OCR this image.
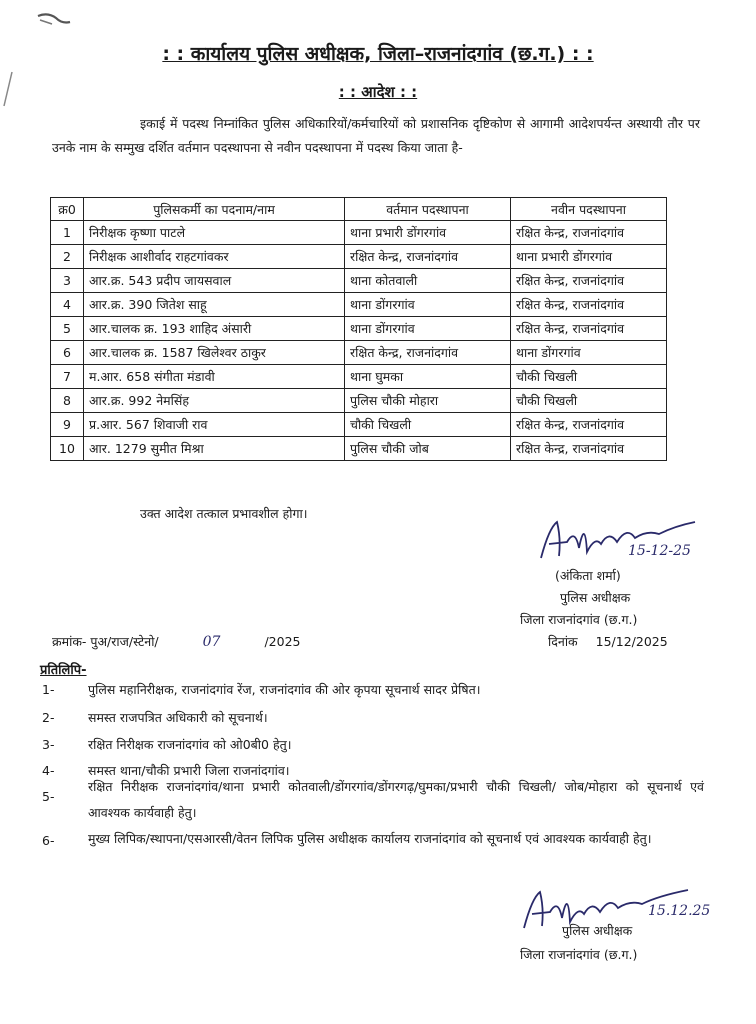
: : कार्यालय पुलिस अधीक्षक, जिला–राजनांदगांव (छ.ग.) : :
: : आदेश : :
इकाई में पदस्थ निम्नांकित पुलिस अधिकारियों/कर्मचारियों को प्रशासनिक दृष्टिकोण से आगामी आदेशपर्यन्त अस्थायी तौर पर उनके नाम के सम्मुख दर्शित वर्तमान पदस्थापना से नवीन पदस्थापना में पदस्थ किया जाता है-
क्र0	पुलिसकर्मी का पदनाम/नाम	वर्तमान पदस्थापना	नवीन पदस्थापना
1	निरीक्षक कृष्णा पाटले	थाना प्रभारी डोंगरगांव	रक्षित केन्द्र, राजनांदगांव
2	निरीक्षक आशीर्वाद राहटगांवकर	रक्षित केन्द्र, राजनांदगांव	थाना प्रभारी डोंगरगांव
3	आर.क्र. 543 प्रदीप जायसवाल	थाना कोतवाली	रक्षित केन्द्र, राजनांदगांव
4	आर.क्र. 390 जितेश साहू	थाना डोंगरगांव	रक्षित केन्द्र, राजनांदगांव
5	आर.चालक क्र. 193 शाहिद अंसारी	थाना डोंगरगांव	रक्षित केन्द्र, राजनांदगांव
6	आर.चालक क्र. 1587 खिलेश्वर ठाकुर	रक्षित केन्द्र, राजनांदगांव	थाना डोंगरगांव
7	म.आर. 658 संगीता मंडावी	थाना घुमका	चौकी चिखली
8	आर.क्र. 992 नेमसिंह	पुलिस चौकी मोहारा	चौकी चिखली
9	प्र.आर. 567 शिवाजी राव	चौकी चिखली	रक्षित केन्द्र, राजनांदगांव
10	आर. 1279 सुमीत मिश्रा	पुलिस चौकी जोब	रक्षित केन्द्र, राजनांदगांव
उक्त आदेश तत्काल प्रभावशील होगा।
15-12-25
(अंकिता शर्मा)
पुलिस अधीक्षक
जिला राजनांदगांव (छ.ग.)
क्रमांक- पुअ/राज/स्टेनो/	07	/2025	दिनांक 15/12/2025
प्रतिलिपि-
1-	पुलिस महानिरीक्षक, राजनांदगांव रेंज, राजनांदगांव की ओर कृपया सूचनार्थ सादर प्रेषित।
2-	समस्त राजपत्रित अधिकारी को सूचनार्थ।
3-	रक्षित निरीक्षक राजनांदगांव को ओ0बी0 हेतु।
4-	समस्त थाना/चौकी प्रभारी जिला राजनांदगांव।
5-
रक्षित निरीक्षक राजनांदगांव/थाना प्रभारी कोतवाली/डोंगरगांव/डोंगरगढ़/घुमका/प्रभारी चौकी चिखली/ जोब/मोहारा को सूचनार्थ एवं आवश्यक कार्यवाही हेतु।
6-	मुख्य लिपिक/स्थापना/एसआरसी/वेतन लिपिक पुलिस अधीक्षक कार्यालय राजनांदगांव को सूचनार्थ एवं आवश्यक कार्यवाही हेतु।
15.12.25
पुलिस अधीक्षक
जिला राजनांदगांव (छ.ग.)
